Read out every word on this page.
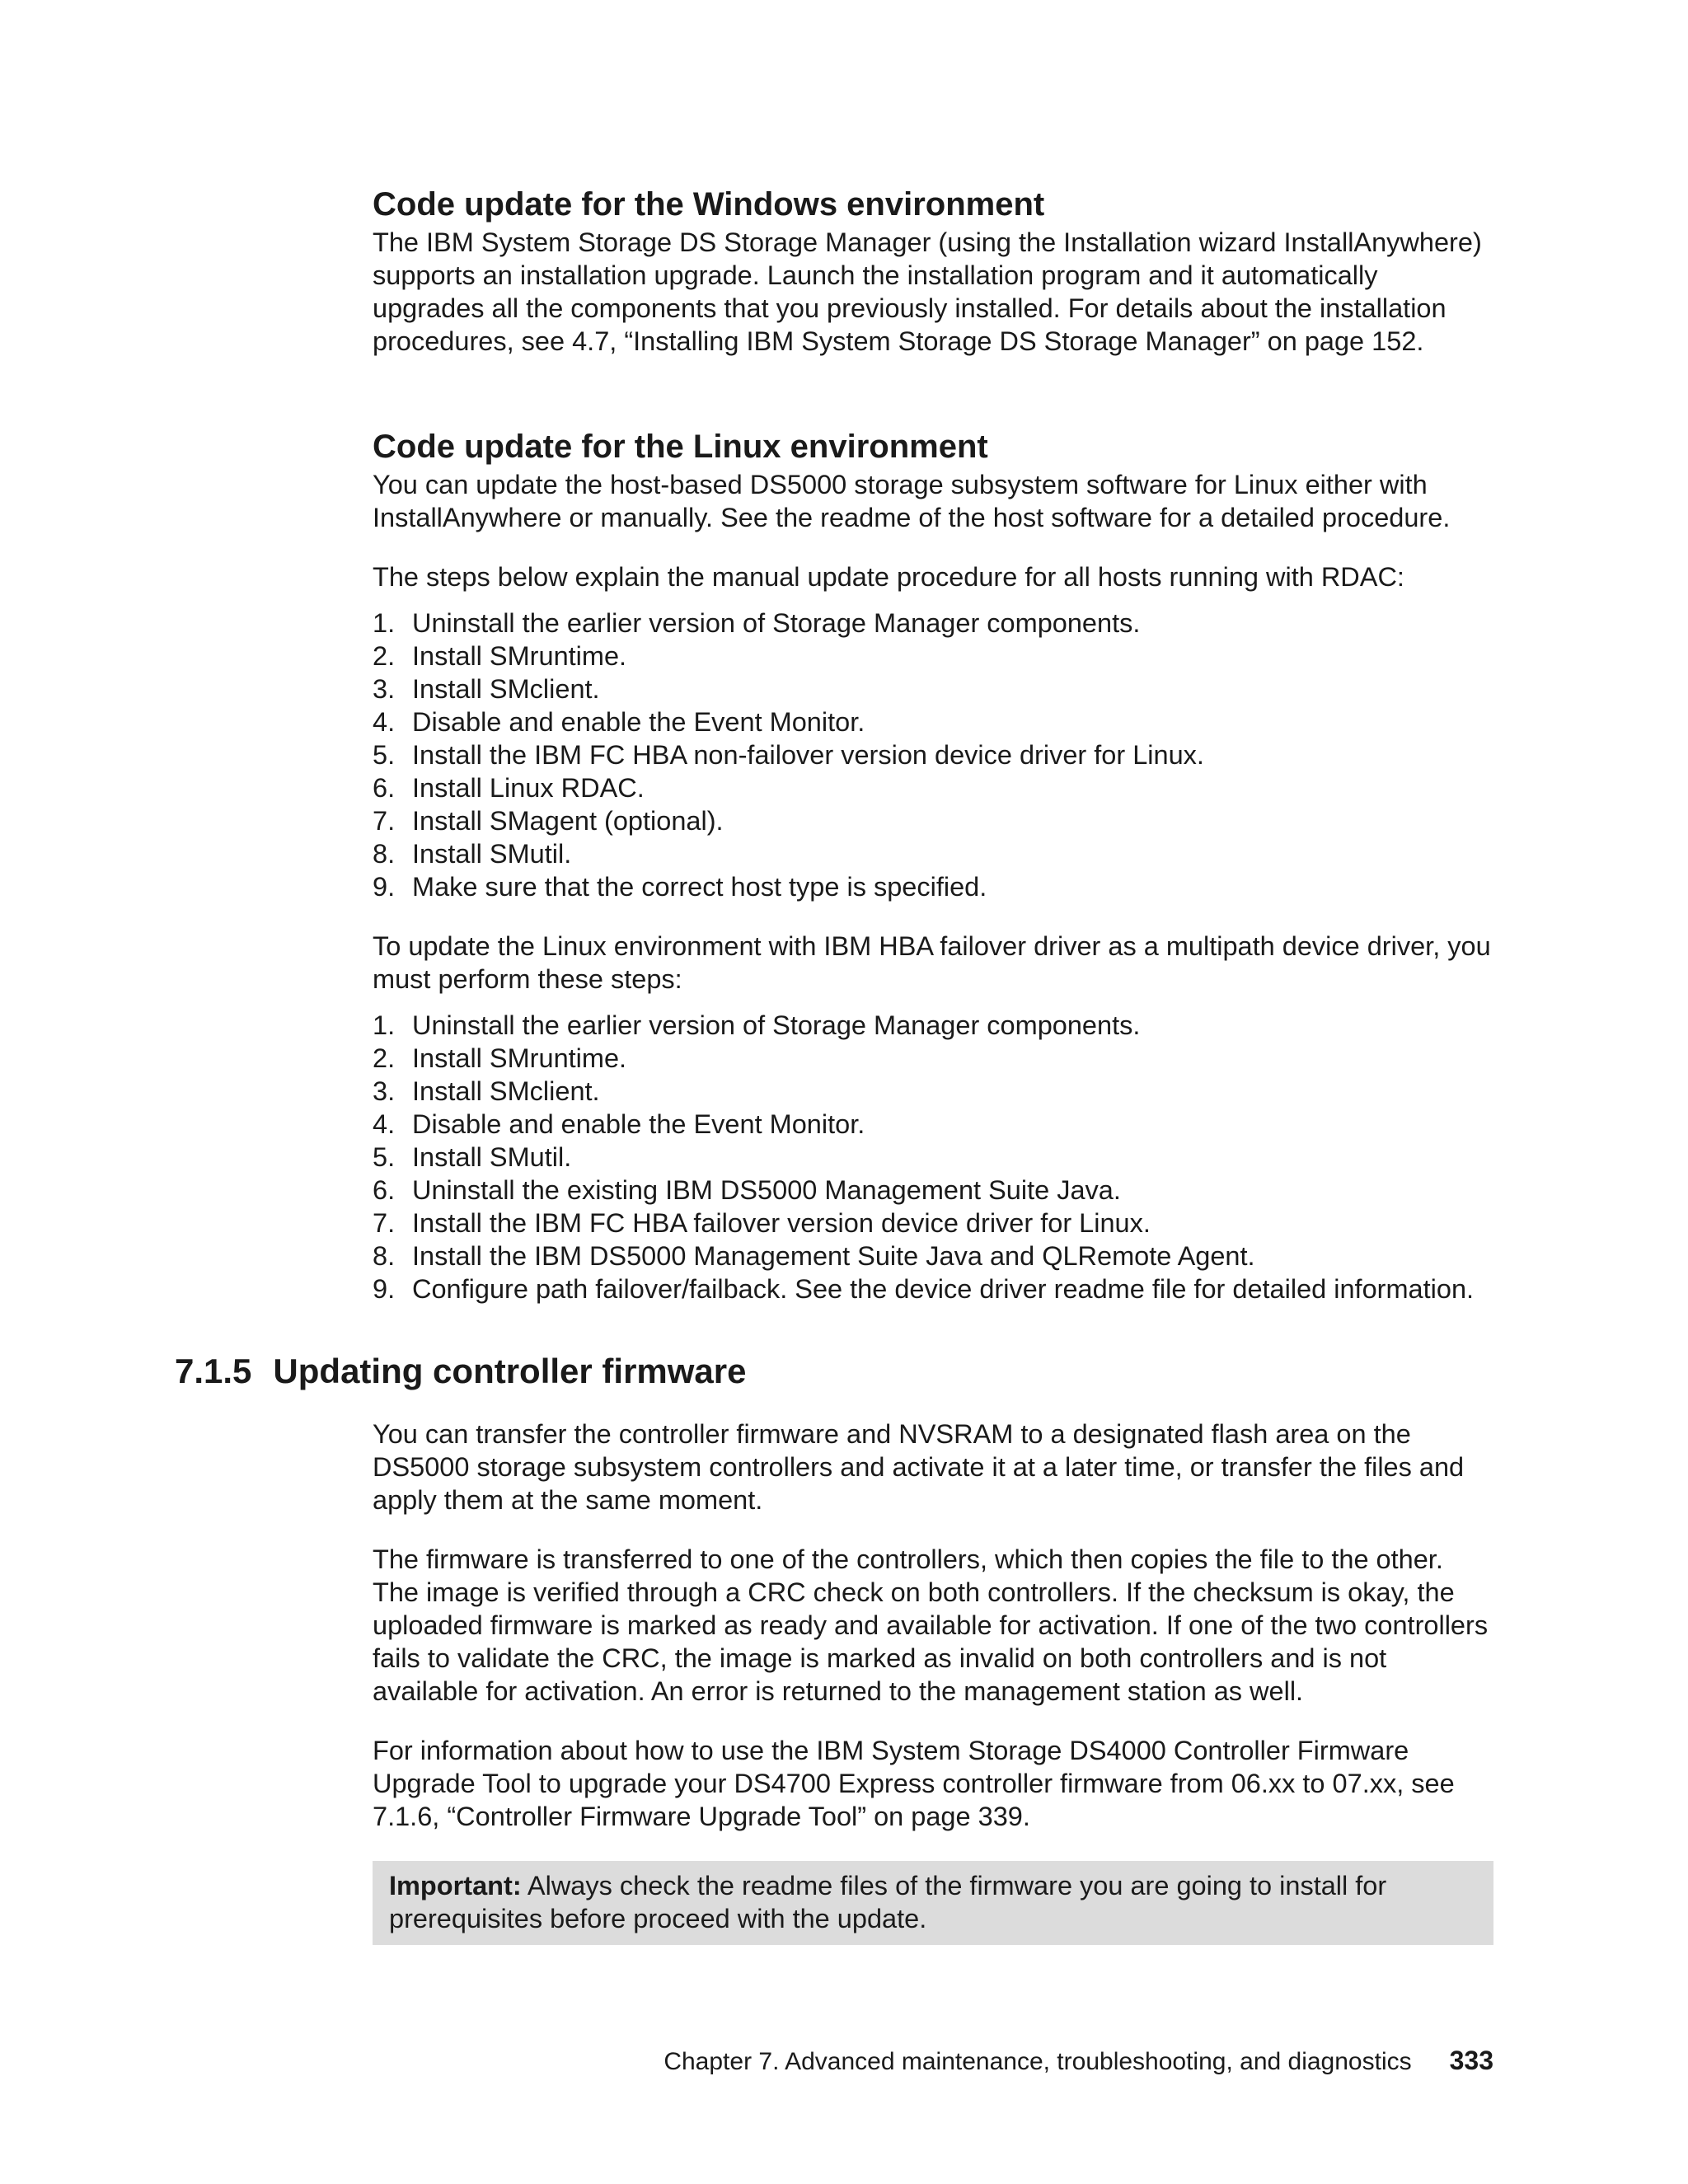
Code update for the Windows environment

The IBM System Storage DS Storage Manager (using the Installation wizard InstallAnywhere) supports an installation upgrade. Launch the installation program and it automatically upgrades all the components that you previously installed. For details about the installation procedures, see 4.7, “Installing IBM System Storage DS Storage Manager” on page 152.

Code update for the Linux environment

You can update the host-based DS5000 storage subsystem software for Linux either with InstallAnywhere or manually. See the readme of the host software for a detailed procedure.

The steps below explain the manual update procedure for all hosts running with RDAC:

1. Uninstall the earlier version of Storage Manager components.
2. Install SMruntime.
3. Install SMclient.
4. Disable and enable the Event Monitor.
5. Install the IBM FC HBA non-failover version device driver for Linux.
6. Install Linux RDAC.
7. Install SMagent (optional).
8. Install SMutil.
9. Make sure that the correct host type is specified.

To update the Linux environment with IBM HBA failover driver as a multipath device driver, you must perform these steps:

1. Uninstall the earlier version of Storage Manager components.
2. Install SMruntime.
3. Install SMclient.
4. Disable and enable the Event Monitor.
5. Install SMutil.
6. Uninstall the existing IBM DS5000 Management Suite Java.
7. Install the IBM FC HBA failover version device driver for Linux.
8. Install the IBM DS5000 Management Suite Java and QLRemote Agent.
9. Configure path failover/failback. See the device driver readme file for detailed information.
7.1.5 Updating controller firmware

You can transfer the controller firmware and NVSRAM to a designated flash area on the DS5000 storage subsystem controllers and activate it at a later time, or transfer the files and apply them at the same moment.

The firmware is transferred to one of the controllers, which then copies the file to the other. The image is verified through a CRC check on both controllers. If the checksum is okay, the uploaded firmware is marked as ready and available for activation. If one of the two controllers fails to validate the CRC, the image is marked as invalid on both controllers and is not available for activation. An error is returned to the management station as well.

For information about how to use the IBM System Storage DS4000 Controller Firmware Upgrade Tool to upgrade your DS4700 Express controller firmware from 06.xx to 07.xx, see 7.1.6, “Controller Firmware Upgrade Tool” on page 339.

Important: Always check the readme files of the firmware you are going to install for prerequisites before proceed with the update.
Chapter 7. Advanced maintenance, troubleshooting, and diagnostics 333
